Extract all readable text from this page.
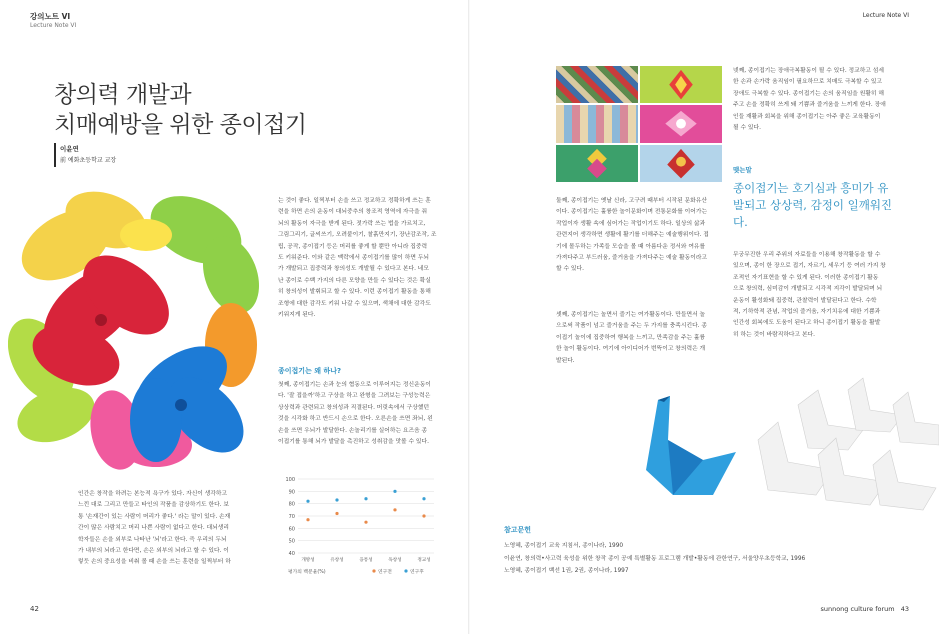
강의노트 VI
Lecture Note VI
창의력 개발과
치매예방을 위한 종이접기
이윤연
前 예화초등학교 교장
인간은 창작을 하려는 본능적 욕구가 있다. 자신이 생각하고
느낀 대로 그리고 만들고 타인의 작품을 감상하기도 한다. 보
통 '손재간이 있는 사람이 머리가 좋다.' 라는 말이 있다. 손재
간이 많은 사람치고 머리 나쁜 사람이 없다고 한다. 대뇌생리
학자들은 손을 외부로 나타난 '뇌'라고 한다. 즉 우리의 두뇌
가 내부의 뇌라고 한다면, 손은 외부의 뇌라고 할 수 있다. 이
렇듯 손의 중요성을 비춰 볼 때 손을 쓰는 훈련을 일찍부터 하
는 것이 좋다. 일찍부터 손을 쓰고 정교하고 정확하게 쓰는 훈
련을 하면 손의 운동이 대뇌중추의 창조적 영역에 자극을 줘
뇌의 활동이 자극을 받게 된다. 젓가락 쓰는 법을 가르치고,
그림그리기, 글씨쓰기, 오려붙이기, 찰흙만지기, 장난감조작, 조
립, 공작, 종이접기 등은 머리를 좋게 할 뿐만 아니라 집중력
도 키워준다. 이와 같은 맥락에서 종이접기를 많이 하면 두뇌
가 개발되고 집중력과 창의성도 개발될 수 있다고 본다. 네모
난 종이로 수백 가지의 다른 모양을 만들 수 있다는 것은 확실
히 창의성이 발휘되고 할 수 있다. 이런 종이접기 활동을 통해
조형에 대한 감각도 키워 나갈 수 있으며, 색채에 대한 감각도
키워지게 된다.
종이접기는 왜 하나?
첫째, 종이접기는 손과 눈의 협동으로 이루어지는 정신운동이
다. '잘 접을까'하고 구상을 하고 완형을 그려보는 구성능력은
상상력과 관련되고 창의성과 직결된다. 머릿속에서 구상했던
것을 시각화 하고 반드시 손으로 한다. 오른손을 쓰면 좌뇌, 왼
손을 쓰면 우뇌가 발달한다. 손놀리기를 실어하는 요즈음 종
이접기를 통해 뇌가 발달을 촉진하고 성취감을 맛볼 수 있다.
40
50
60
70
80
90
100
개방성	유창성	융통성	독창성	정교성
평가의 백분율(%)	연구전	연구후
42
Lecture Note VI
둘째, 종이접기는 옛날 신라, 고구려 때부터 시작된 문화유산
이다. 종이접기는 훌륭한 놀이문화이며 전통문화를 이어가는
작업이자 생활 속에 심어가는 작업이기도 하다. 일상의 삶과
관련지어 생각하면 생활에 활기를 더해주는 예술행위이다. 접
기에 몰두하는 가족들 모습을 볼 때 아름다운 정서와 여유를
가져다주고 부드러움, 즐거움을 가져다주는 예술 활동이라고
할 수 있다.
셋째, 종이접기는 놀면서 즐기는 여가활동이다. 만들면서 놀
으로써 작품이 넘고 즐거움을 주는 두 가지를 충족시킨다. 종
이접기 놀이에 집중하여 행복을 느끼고, 만족감을 주는 훌륭
한 놀이 활동이다. 여기에 아이디어가 번뜩이고 창의력은 개
발된다.
넷째, 종이접기는 장애극복활동이 될 수 있다. 정교하고 섬세
한 손과 손가락 움직임이 필요하므로 치매도 극복할 수 있고
장애도 극복할 수 있다. 종이접기는 손의 움직임을 원활히 해
주고 손을 정확히 쓰게 돼 기쁨과 즐거움을 느끼게 한다. 장애
인들 재활과 회복을 위해 종이접기는 아주 좋은 교육활동이
될 수 있다.
맺는말
종이접기는 호기심과 흥미가 유발되고 상상력, 감정이 일깨워진다.
무궁무진한 우리 주위의 자료들을 이용해 창작활동을 할 수
있으며, 종이 한 장으로 접기, 자르기, 세우기 등 여러 가지 창
조적인 자기표현을 할 수 있게 된다. 이러한 종이접기 활동
으로 창의력, 심미감이 개발되고 시각적 지각이 발달되며 뇌
운동이 활성화돼 집중력, 관찰력이 발달된다고 한다. 수학
적, 기하학적 관념, 작업의 즐거움, 자기치유에 대한 기쁨과
인간성 회복에도 도움이 된다고 하니 종이접기 활동을 활발
히 하는 것이 바람직하다고 본다.
참고문헌
노영혜, 종이접기 교육 지침서, 종이나라, 1990
이윤연, 창의력•사고력 육성을 위한 창작 종이 공예 특별활동 프로그램 개발•활동에 관한연구, 서울양우초등학교, 1996
노영혜, 종이접기 백선 1권, 2권, 종이나라, 1997
sunnong culture forum 43
